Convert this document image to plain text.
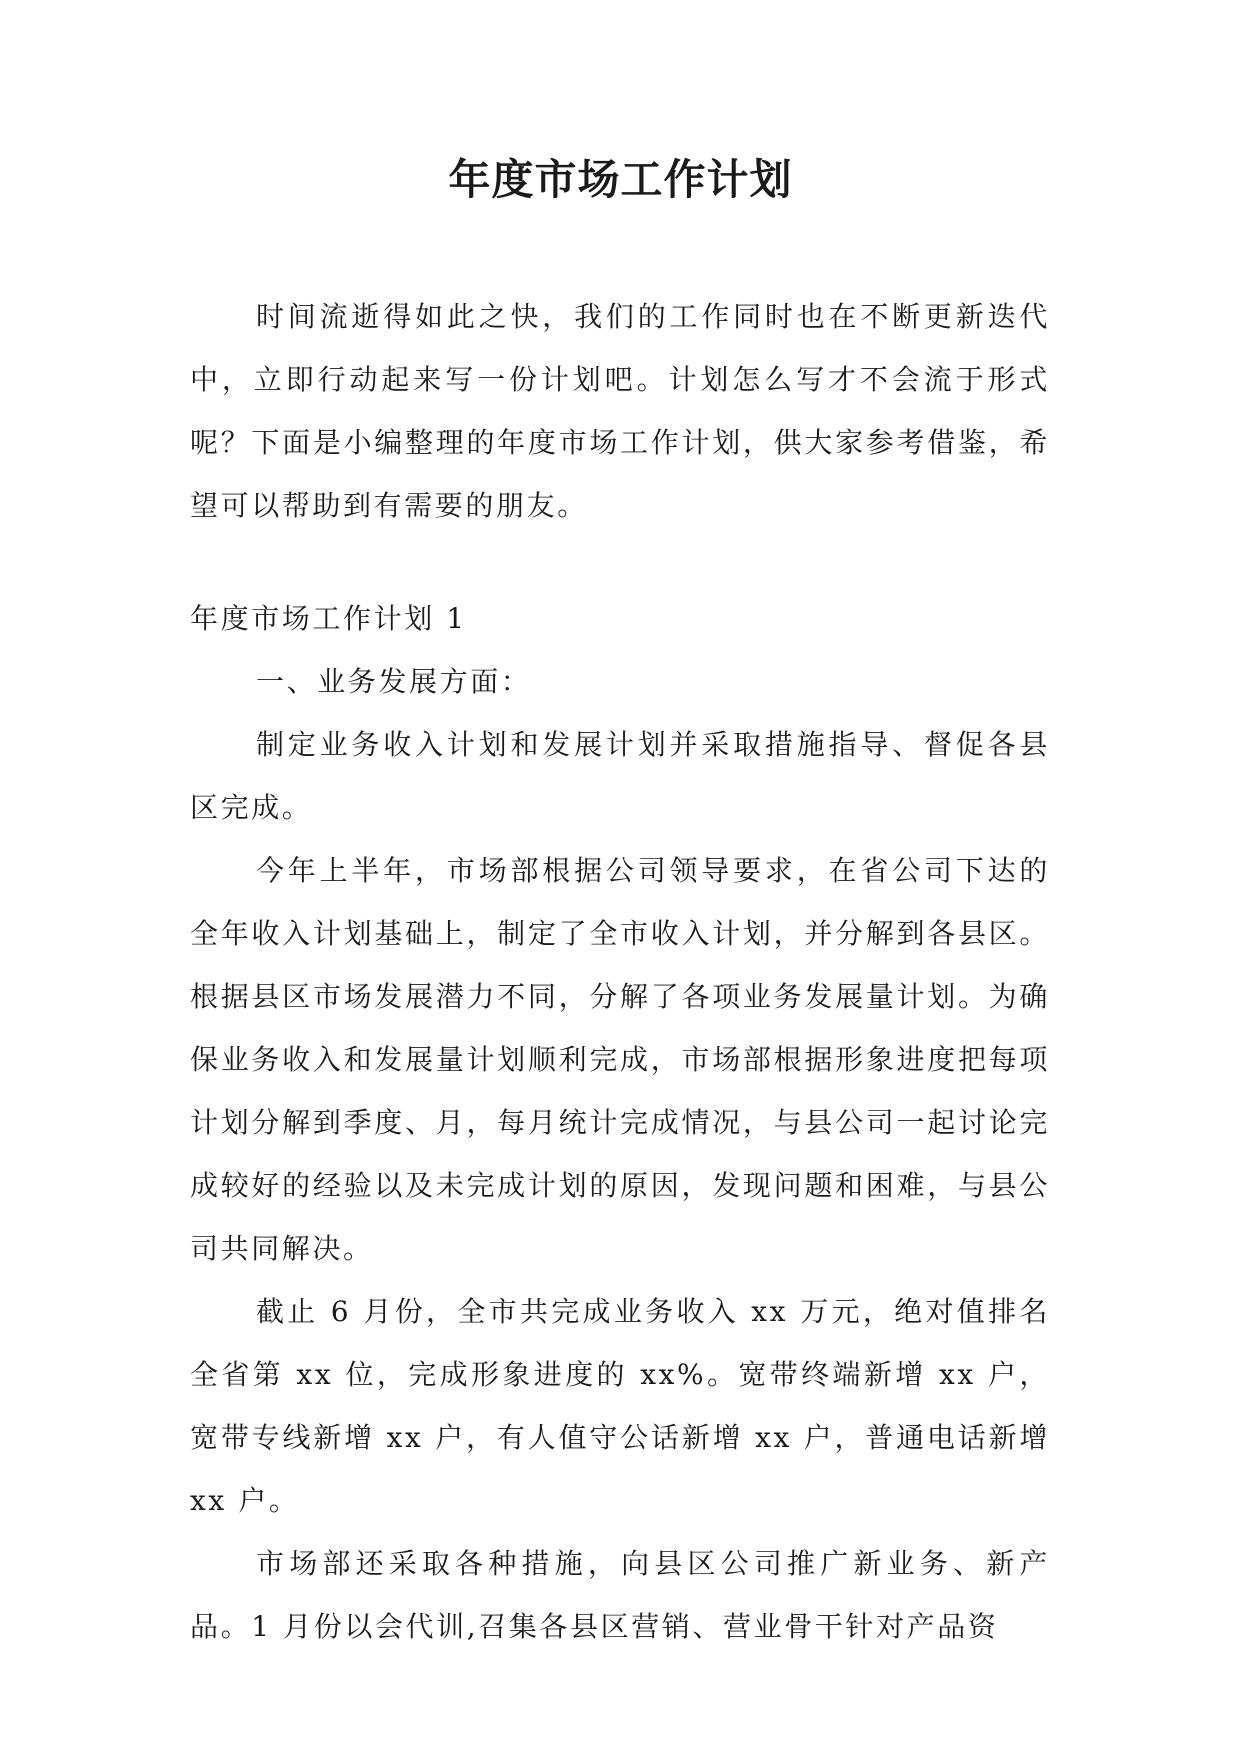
年度市场工作计划

时间流逝得如此之快，我们的工作同时也在不断更新迭代中，立即行动起来写一份计划吧。计划怎么写才不会流于形式呢？下面是小编整理的年度市场工作计划，供大家参考借鉴，希望可以帮助到有需要的朋友。

年度市场工作计划 1

一、业务发展方面：

制定业务收入计划和发展计划并采取措施指导、督促各县区完成。

今年上半年，市场部根据公司领导要求，在省公司下达的全年收入计划基础上，制定了全市收入计划，并分解到各县区。根据县区市场发展潜力不同，分解了各项业务发展量计划。为确保业务收入和发展量计划顺利完成，市场部根据形象进度把每项计划分解到季度、月，每月统计完成情况，与县公司一起讨论完成较好的经验以及未完成计划的原因，发现问题和困难，与县公司共同解决。

截止 6 月份，全市共完成业务收入 xx 万元，绝对值排名全省第 xx 位，完成形象进度的 xx%。宽带终端新增 xx 户，宽带专线新增 xx 户，有人值守公话新增 xx 户，普通电话新增 xx 户。

市场部还采取各种措施，向县区公司推广新业务、新产品。1 月份以会代训,召集各县区营销、营业骨干针对产品资
